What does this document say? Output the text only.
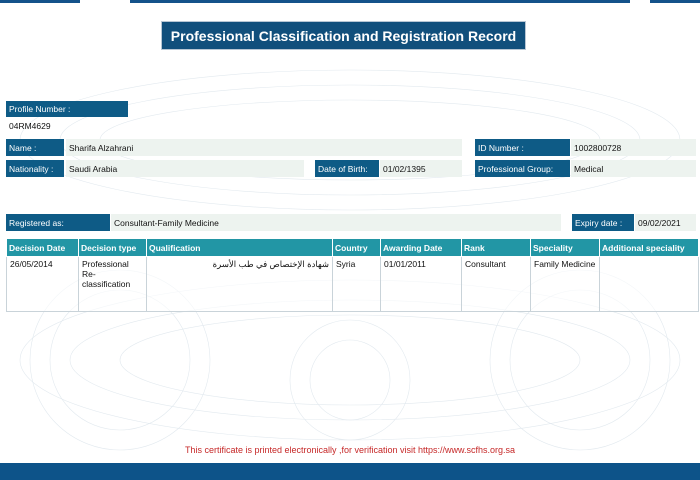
Professional Classification and Registration Record
Profile Number :
04RM4629
Name :	Sharifa Alzahrani	ID Number :	1002800728
Nationality :	Saudi Arabia	Date of Birth:	01/02/1395	Professional Group:	Medical
Registered as:	Consultant-Family Medicine	Expiry date :	09/02/2021
Decision Date	Decision type	Qualification	Country	Awarding Date	Rank	Speciality	Additional speciality
26/05/2014	Professional Re-classification	شهادة الإختصاص في طب الأسرة	Syria	01/01/2011	Consultant	Family Medicine	
This certificate is printed electronically ,for verification visit https://www.scfhs.org.sa
